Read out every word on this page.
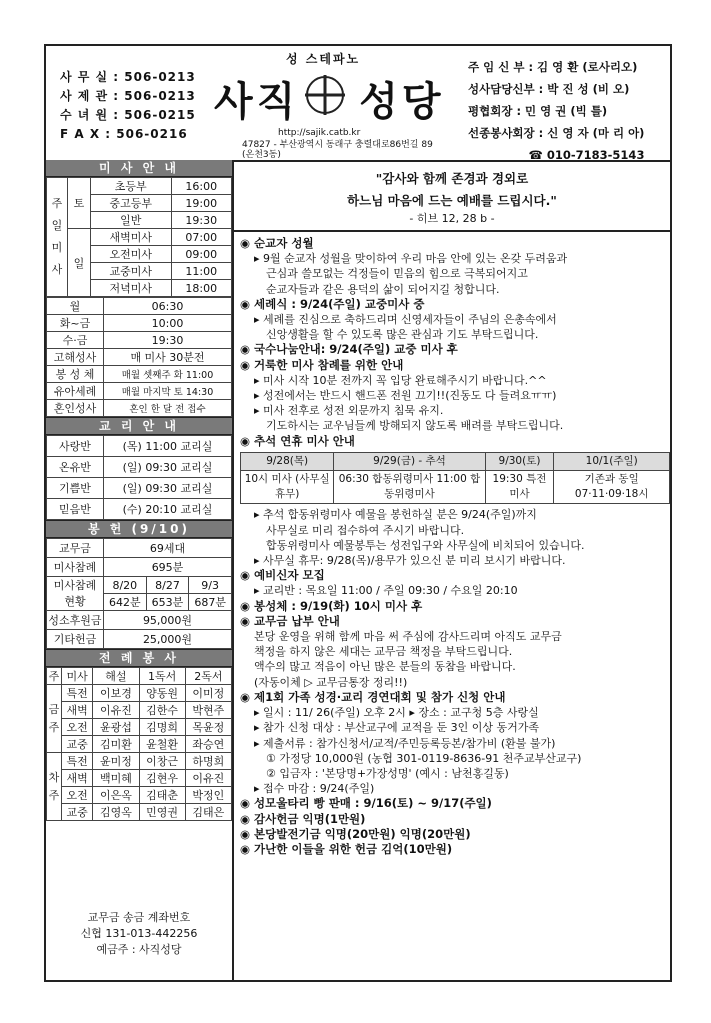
사 무 실 : 506-0213
사 제 관 : 506-0213
수 녀 원 : 506-0215
F A X : 506-0216
성 스테파노
사직 성당
http://sajik.catb.kr
47827 - 부산광역시 동래구 충렬대로86번길 89 (온천3동)
주 임 신 부 : 김 영 환 (로사리오)
성사담당신부 : 박 진 성 (비 오)
평협회장 : 민 영 권 (빅 틀)
선종봉사회장 : 신 영 자 (마 리 아)
☎ 010-7183-5143
미 사 안 내
주일미사	토	초등부	16:00
		중고등부	19:00
		일반	19:30
	일	새벽미사	07:00
		오전미사	09:00
		교중미사	11:00
		저녁미사	18:00
월	06:30
화~금	10:00
수·금	19:30
고해성사	매 미사 30분전
봉 성 체	매월 셋째주 화 11:00
유아세례	매월 마지막 토 14:30
혼인성사	혼인 한 달 전 접수
교 리 안 내
사랑반	(목) 11:00 교리실
온유반	(일) 09:30 교리실
기쁨반	(일) 09:30 교리실
믿음반	(수) 20:10 교리실
봉 헌 (9/10)
교무금	69세대		
미사참례	695분		
미사참례 현황	8/20	8/27	9/3
	642분	653분	687분
성소후원금	95,000원		
기타헌금	25,000원		
전 례 봉 사
주	미사	해설	1독서	2독서
금주	특전	이보경	양동원	이미정
	새벽	이유진	김한수	박현주
	오전	윤광섭	김명희	목윤정
	교중	김미환	윤철환	좌승연
차주	특전	윤미정	이창근	하명희
	새벽	백미혜	김현우	이유진
	오전	이은옥	김태춘	박정인
	교중	김영옥	민영권	김태은
교무금 송금 계좌번호
신협 131-013-442256
예금주 : 사직성당
"감사와 함께 존경과 경외로
하느님 마음에 드는 예배를 드립시다."
- 히브 12, 28 b -
◉ 순교자 성월
▸ 9월 순교자 성월을 맞이하여 우리 마음 안에 있는 온갖 두려움과
근심과 쓸모없는 걱정들이 믿음의 힘으로 극복되어지고
순교자들과 같은 용덕의 삶이 되어지길 청합니다.
◉ 세례식 : 9/24(주일) 교중미사 중
▸ 세례를 진심으로 축하드리며 신영세자들이 주님의 은총속에서
신앙생활을 할 수 있도록 많은 관심과 기도 부탁드립니다.
◉ 국수나눔안내: 9/24(주일) 교중 미사 후
◉ 거룩한 미사 참례를 위한 안내
▸ 미사 시작 10분 전까지 꼭 입당 완료해주시기 바랍니다.^^
▸ 성전에서는 반드시 핸드폰 전원 끄기!!(진동도 다 들려요ㅠㅠ)
▸ 미사 전후로 성전 외문까지 침묵 유지.
기도하시는 교우님들께 방해되지 않도록 배려를 부탁드립니다.
◉ 추석 연휴 미사 안내
9/28(목)	9/29(금) - 추석	9/30(토)	10/1(주일)
10시 미사 (사무실휴무)	06:30 합동위령미사 11:00 합동위령미사	19:30 특전미사	기존과 동일 07·11·09·18시
▸ 추석 합동위령미사 예물을 봉헌하실 분은 9/24(주일)까지
사무실로 미리 접수하여 주시기 바랍니다.
합동위령미사 예물봉투는 성전입구와 사무실에 비치되어 있습니다.
▸ 사무실 휴무: 9/28(목)/용무가 있으신 분 미리 보시기 바랍니다.
◉ 예비신자 모집
▸ 교리반 : 목요일 11:00 / 주일 09:30 / 수요일 20:10
◉ 봉성체 : 9/19(화) 10시 미사 후
◉ 교무금 납부 안내
본당 운영을 위해 함께 마음 써 주심에 감사드리며 아직도 교무금
책정을 하지 않은 세대는 교무금 책정을 부탁드립니다.
액수의 많고 적음이 아닌 많은 분들의 동참을 바랍니다.
(자동이체 ▷ 교무금통장 정리!!)
◉ 제1회 가족 성경·교리 경연대회 및 참가 신청 안내
▸ 일시 : 11/ 26(주일) 오후 2시 ▸ 장소 : 교구청 5층 사랑실
▸ 참가 신청 대상 : 부산교구에 교적을 둔 3인 이상 동거가족
▸ 제출서류 : 참가신청서/교적/주민등록등본/참가비 (환불 불가)
① 가정당 10,000원 (농협 301-0119-8636-91 천주교부산교구)
② 입금자 : '본당명+가장성명' (예시 : 남천홍길동)
▸ 접수 마감 : 9/24(주일)
◉ 성모울타리 빵 판매 : 9/16(토) ~ 9/17(주일)
◉ 감사헌금 익명(1만원)
◉ 본당발전기금 익명(20만원) 익명(20만원)
◉ 가난한 이들을 위한 헌금 김억(10만원)
